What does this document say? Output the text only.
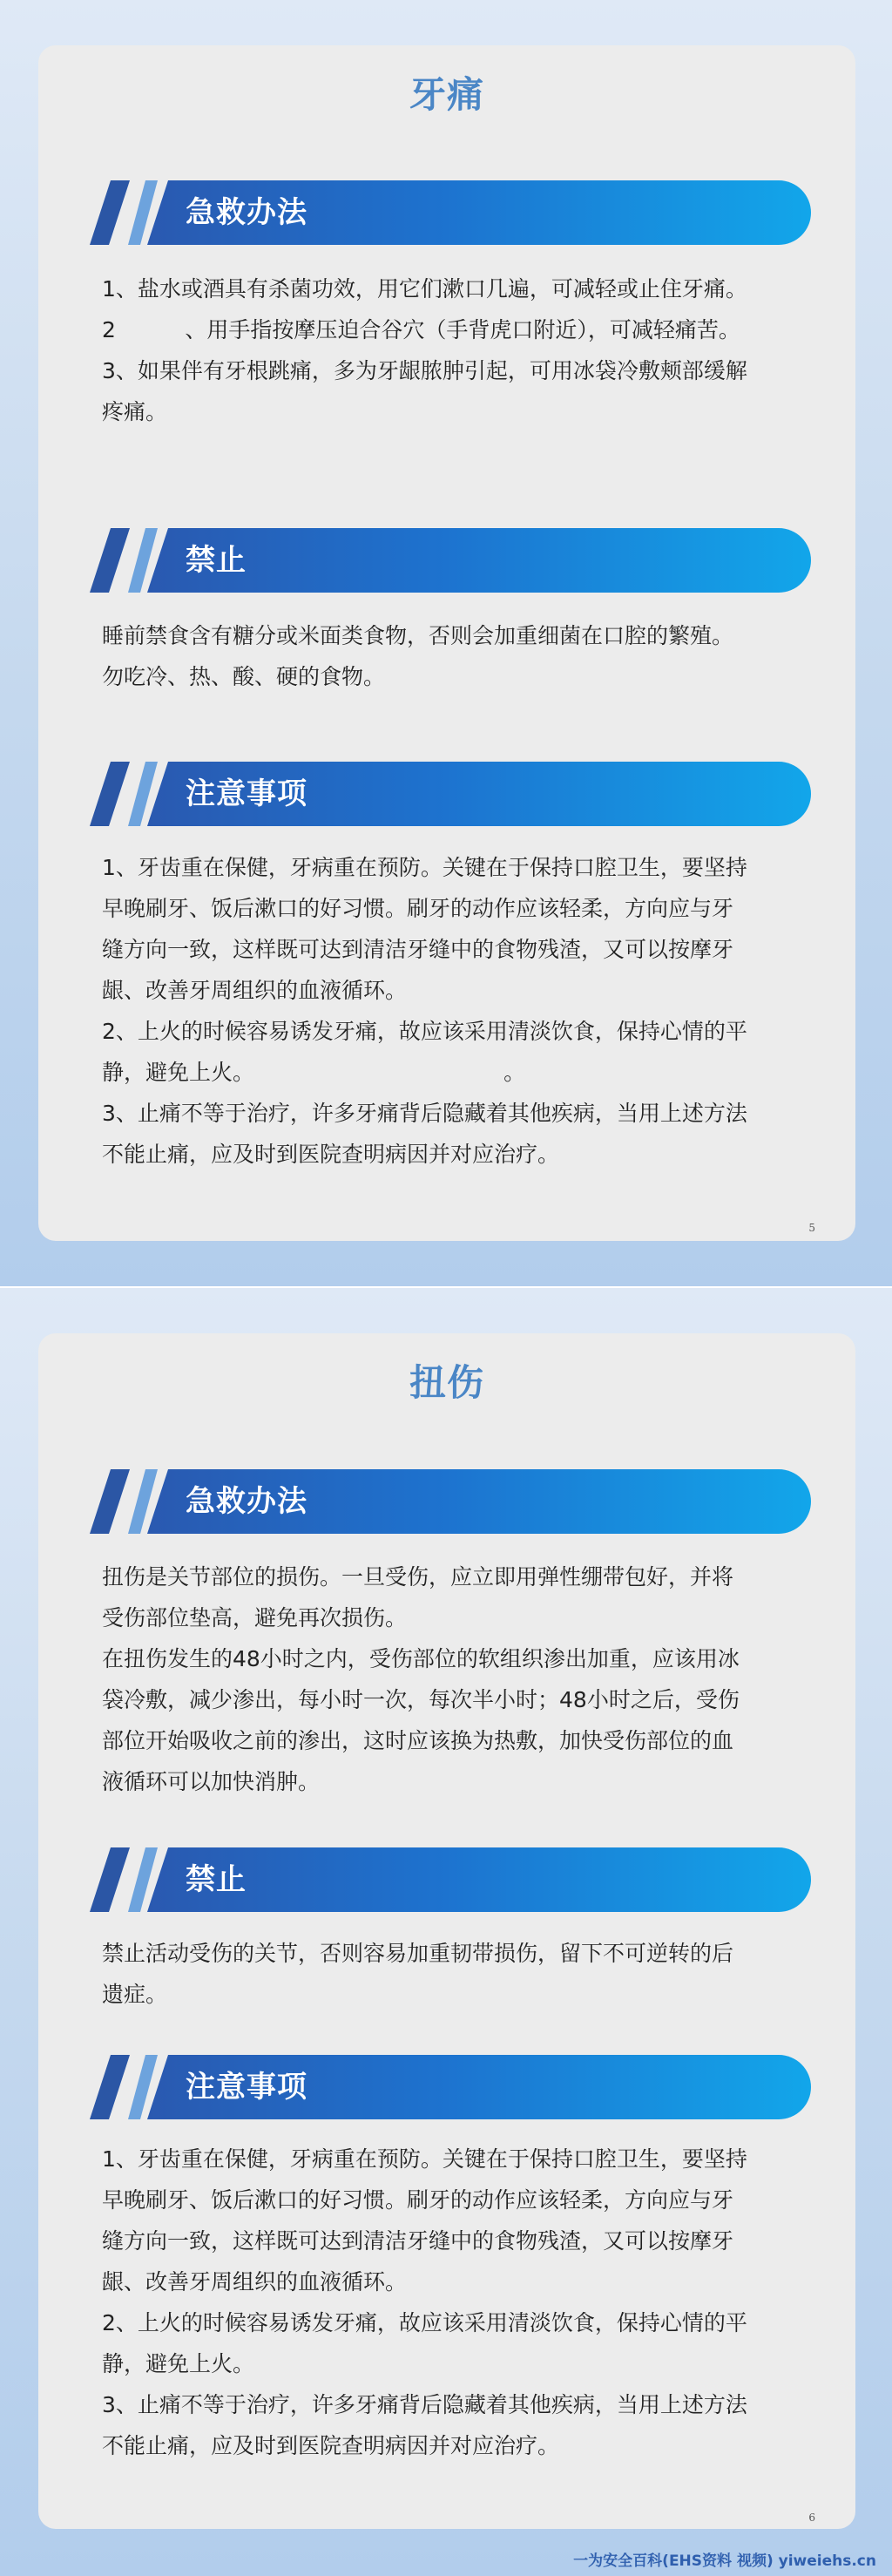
牙痛
急救办法

1、盐水或酒具有杀菌功效，用它们漱口几遍，可减轻或止住牙痛。

2          、用手指按摩压迫合谷穴（手背虎口附近），可减轻痛苦。

3、如果伴有牙根跳痛，多为牙龈脓肿引起，可用冰袋冷敷颊部缓解

疼痛。

禁止

睡前禁食含有糖分或米面类食物，否则会加重细菌在口腔的繁殖。

勿吃冷、热、酸、硬的食物。

注意事项

1、牙齿重在保健，牙病重在预防。关键在于保持口腔卫生，要坚持

早晚刷牙、饭后漱口的好习惯。刷牙的动作应该轻柔，方向应与牙

缝方向一致，这样既可达到清洁牙缝中的食物残渣，又可以按摩牙

龈、改善牙周组织的血液循环。

2、上火的时候容易诱发牙痛，故应该采用清淡饮食，保持心情的平

静，避免上火。                                    。

3、止痛不等于治疗，许多牙痛背后隐藏着其他疾病，当用上述方法

不能止痛，应及时到医院查明病因并对应治疗。

5
扭伤
急救办法

扭伤是关节部位的损伤。一旦受伤，应立即用弹性绷带包好，并将

受伤部位垫高，避免再次损伤。

在扭伤发生的48小时之内，受伤部位的软组织渗出加重，应该用冰

袋冷敷，减少渗出，每小时一次，每次半小时；48小时之后，受伤

部位开始吸收之前的渗出，这时应该换为热敷，加快受伤部位的血

液循环可以加快消肿。

禁止

禁止活动受伤的关节，否则容易加重韧带损伤，留下不可逆转的后

遗症。

注意事项

1、牙齿重在保健，牙病重在预防。关键在于保持口腔卫生，要坚持

早晚刷牙、饭后漱口的好习惯。刷牙的动作应该轻柔，方向应与牙

缝方向一致，这样既可达到清洁牙缝中的食物残渣，又可以按摩牙

龈、改善牙周组织的血液循环。

2、上火的时候容易诱发牙痛，故应该采用清淡饮食，保持心情的平

静，避免上火。

3、止痛不等于治疗，许多牙痛背后隐藏着其他疾病，当用上述方法

不能止痛，应及时到医院查明病因并对应治疗。

6
一为安全百科(EHS资料 视频) yiweiehs.cn
